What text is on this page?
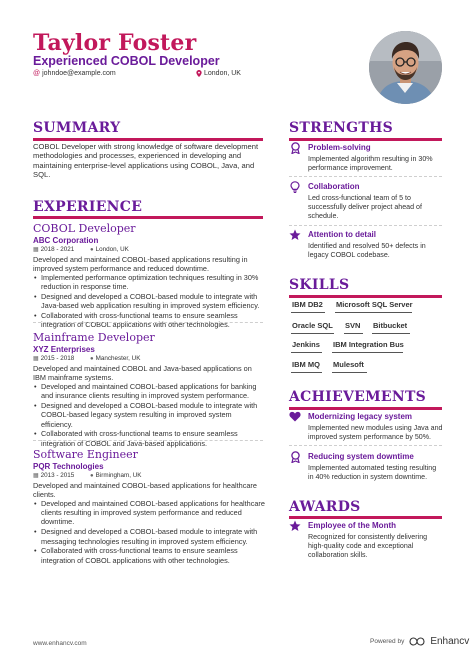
Taylor Foster
Experienced COBOL Developer
@ johndoe@example.com	London, UK
SUMMARY
COBOL Developer with strong knowledge of software development methodologies and processes, experienced in developing and maintaining enterprise-level applications using COBOL, Java, and SQL.
EXPERIENCE
COBOL Developer
ABC Corporation
▦ 2018 - 2021	● London, UK
Developed and maintained COBOL-based applications resulting in improved system performance and reduced downtime.
• Implemented performance optimization techniques resulting in 30% reduction in response time.
• Designed and developed a COBOL-based module to integrate with Java-based web application resulting in improved system efficiency.
• Collaborated with cross-functional teams to ensure seamless integration of COBOL applications with other technologies.
Mainframe Developer
XYZ Enterprises
▦ 2015 - 2018	● Manchester, UK
Developed and maintained COBOL and Java-based applications on IBM mainframe systems.
• Developed and maintained COBOL-based applications for banking and insurance clients resulting in improved system performance.
• Designed and developed a COBOL-based module to integrate with COBOL-based legacy system resulting in improved system efficiency.
• Collaborated with cross-functional teams to ensure seamless integration of COBOL and Java-based applications.
Software Engineer
PQR Technologies
▦ 2013 - 2015	● Birmingham, UK
Developed and maintained COBOL-based applications for healthcare clients.
• Developed and maintained COBOL-based applications for healthcare clients resulting in improved system performance and reduced downtime.
• Designed and developed a COBOL-based module to integrate with messaging technologies resulting in improved system efficiency.
• Collaborated with cross-functional teams to ensure seamless integration of COBOL applications with other technologies.
STRENGTHS
Problem-solving
Implemented algorithm resulting in 30% performance improvement.
Collaboration
Led cross-functional team of 5 to successfully deliver project ahead of schedule.
Attention to detail
Identified and resolved 50+ defects in legacy COBOL codebase.
SKILLS
IBM DB2 Microsoft SQL Server
Oracle SQL SVN Bitbucket
Jenkins IBM Integration Bus
IBM MQ Mulesoft
ACHIEVEMENTS
Modernizing legacy system
Implemented new modules using Java and improved system performance by 50%.
Reducing system downtime
Implemented automated testing resulting in 40% reduction in system downtime.
AWARDS
Employee of the Month
Recognized for consistently delivering high-quality code and exceptional collaboration skills.
www.enhancv.com	Powered by	Enhancv
